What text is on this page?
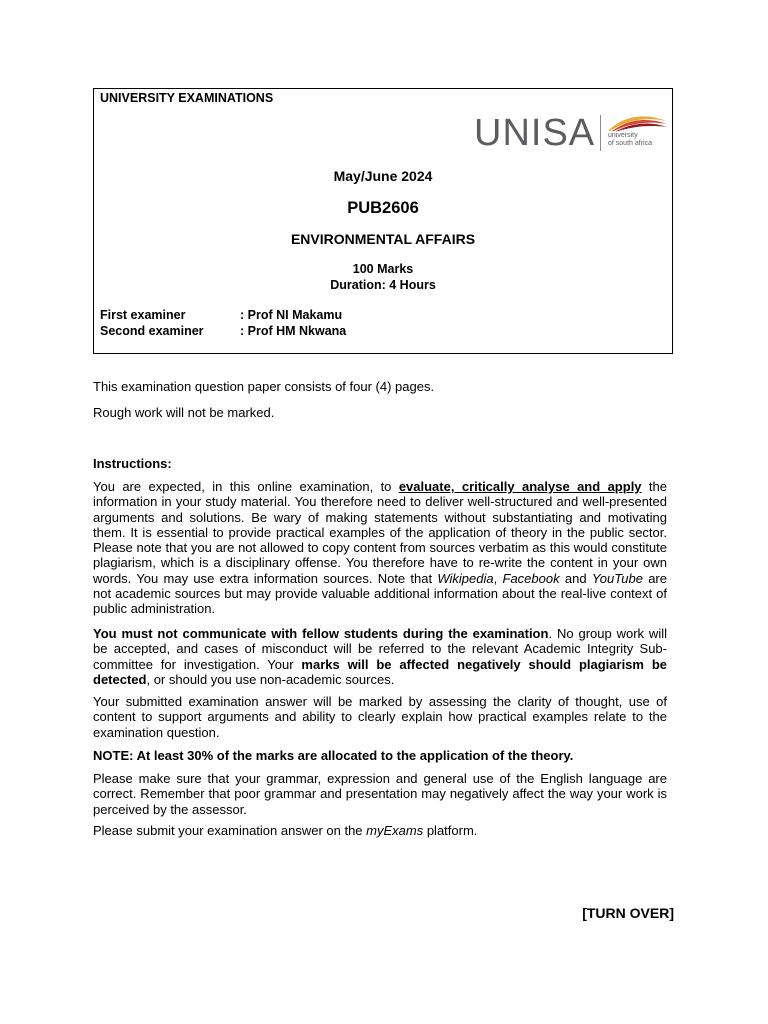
UNIVERSITY EXAMINATIONS
UNISA university
of south africa
May/June 2024
PUB2606
ENVIRONMENTAL AFFAIRS
100 Marks
Duration: 4 Hours
First examiner	: Prof NI Makamu
Second examiner	: Prof HM Nkwana
This examination question paper consists of four (4) pages.
Rough work will not be marked.
Instructions:
You are expected, in this online examination, to evaluate, critically analyse and apply the information in your study material. You therefore need to deliver well-structured and well-presented arguments and solutions. Be wary of making statements without substantiating and motivating them. It is essential to provide practical examples of the application of theory in the public sector. Please note that you are not allowed to copy content from sources verbatim as this would constitute plagiarism, which is a disciplinary offense. You therefore have to re-write the content in your own words. You may use extra information sources. Note that Wikipedia, Facebook and YouTube are not academic sources but may provide valuable additional information about the real-live context of public administration.
You must not communicate with fellow students during the examination. No group work will be accepted, and cases of misconduct will be referred to the relevant Academic Integrity Sub-committee for investigation. Your marks will be affected negatively should plagiarism be detected, or should you use non-academic sources.
Your submitted examination answer will be marked by assessing the clarity of thought, use of content to support arguments and ability to clearly explain how practical examples relate to the examination question.
NOTE: At least 30% of the marks are allocated to the application of the theory.
Please make sure that your grammar, expression and general use of the English language are correct. Remember that poor grammar and presentation may negatively affect the way your work is perceived by the assessor.
Please submit your examination answer on the myExams platform.
[TURN OVER]
